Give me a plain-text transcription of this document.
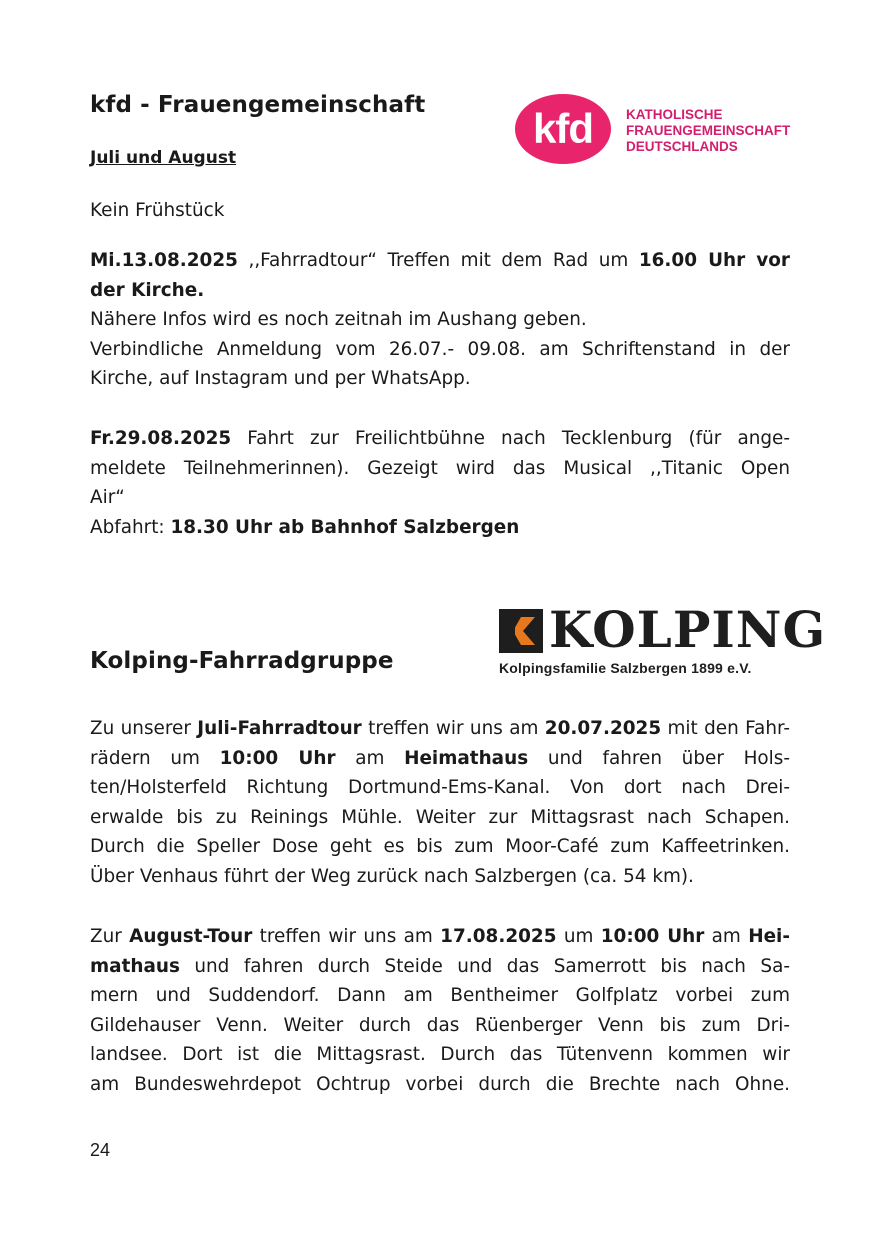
kfd - Frauengemeinschaft	kfd	KATHOLISCHE
FRAUENGEMEINSCHAFT
DEUTSCHLANDS
Juli und August
Kein Frühstück
Mi.13.08.2025 ,,Fahrradtour“ Treffen mit dem Rad um 16.00 Uhr vor
der Kirche.
Nähere Infos wird es noch zeitnah im Aushang geben.
Verbindliche Anmeldung vom 26.07.- 09.08. am Schriftenstand in der
Kirche, auf Instagram und per WhatsApp.
Fr.29.08.2025 Fahrt zur Freilichtbühne nach Tecklenburg (für ange-
meldete Teilnehmerinnen). Gezeigt wird das Musical ,,Titanic Open
Air“
Abfahrt: 18.30 Uhr ab Bahnhof Salzbergen
KOLPING
Kolpingsfamilie Salzbergen 1899 e.V.
Kolping-Fahrradgruppe
Zu unserer Juli-Fahrradtour treffen wir uns am 20.07.2025 mit den Fahr-
rädern um 10:00 Uhr am Heimathaus und fahren über Hols-
ten/Holsterfeld Richtung Dortmund-Ems-Kanal. Von dort nach Drei-
erwalde bis zu Reinings Mühle. Weiter zur Mittagsrast nach Schapen.
Durch die Speller Dose geht es bis zum Moor-Café zum Kaffeetrinken.
Über Venhaus führt der Weg zurück nach Salzbergen (ca. 54 km).
Zur August-Tour treffen wir uns am 17.08.2025 um 10:00 Uhr am Hei-
mathaus und fahren durch Steide und das Samerrott bis nach Sa-
mern und Suddendorf. Dann am Bentheimer Golfplatz vorbei zum
Gildehauser Venn. Weiter durch das Rüenberger Venn bis zum Dri-
landsee. Dort ist die Mittagsrast. Durch das Tütenvenn kommen wir
am Bundeswehrdepot Ochtrup vorbei durch die Brechte nach Ohne.
24
